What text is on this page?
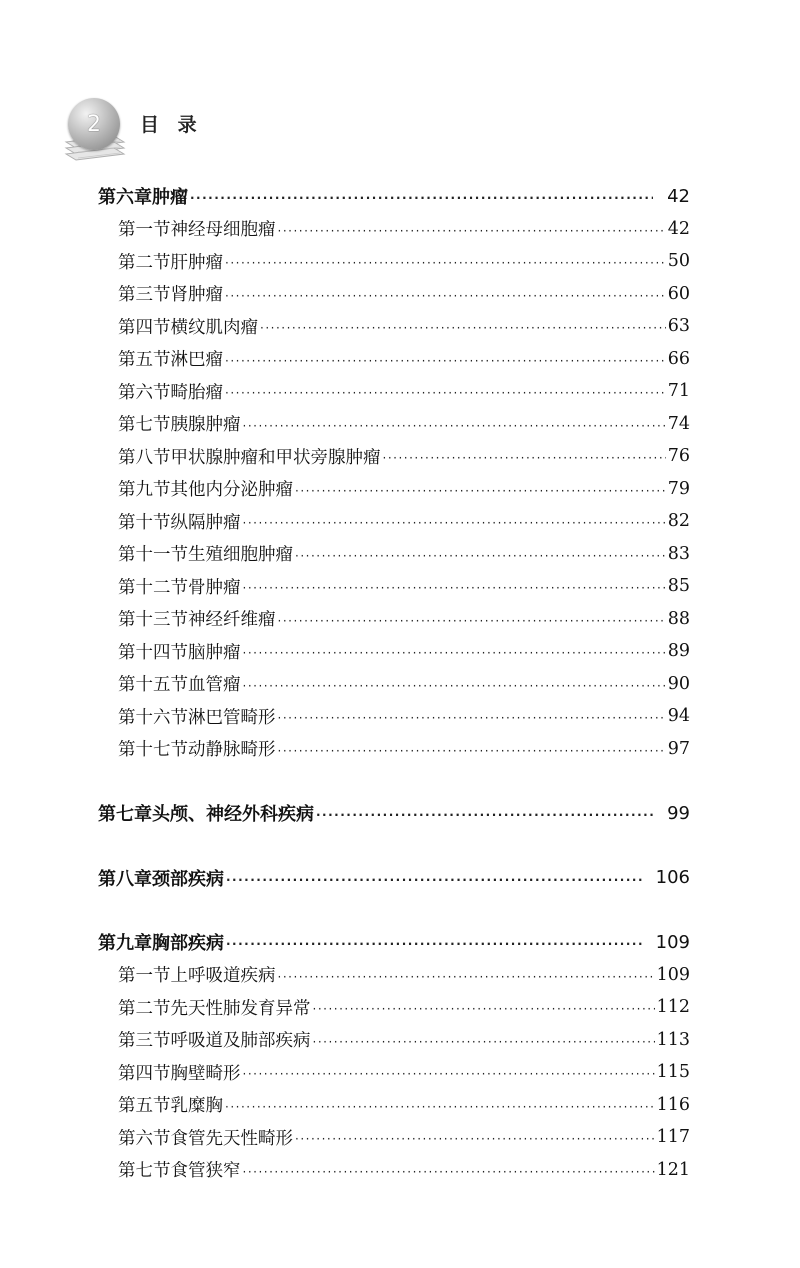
2 目 录
第六章 肿瘤 ·····	42
第一节 神经母细胞瘤 ·····	42
第二节 肝肿瘤 ·····	50
第三节 肾肿瘤 ·····	60
第四节 横纹肌肉瘤 ·····	63
第五节 淋巴瘤 ·····	66
第六节 畸胎瘤 ·····	71
第七节 胰腺肿瘤 ·····	74
第八节 甲状腺肿瘤和甲状旁腺肿瘤 ·····	76
第九节 其他内分泌肿瘤 ·····	79
第十节 纵隔肿瘤 ·····	82
第十一节 生殖细胞肿瘤 ·····	83
第十二节 骨肿瘤 ·····	85
第十三节 神经纤维瘤 ·····	88
第十四节 脑肿瘤 ·····	89
第十五节 血管瘤 ·····	90
第十六节 淋巴管畸形 ·····	94
第十七节 动静脉畸形 ·····	97
第七章 头颅、神经外科疾病 ·····	99
第八章 颈部疾病 ·····	106
第九章 胸部疾病 ·····	109
第一节 上呼吸道疾病 ·····	109
第二节 先天性肺发育异常 ·····	112
第三节 呼吸道及肺部疾病 ·····	113
第四节 胸壁畸形 ·····	115
第五节 乳糜胸 ·····	116
第六节 食管先天性畸形 ·····	117
第七节 食管狭窄 ·····	121
